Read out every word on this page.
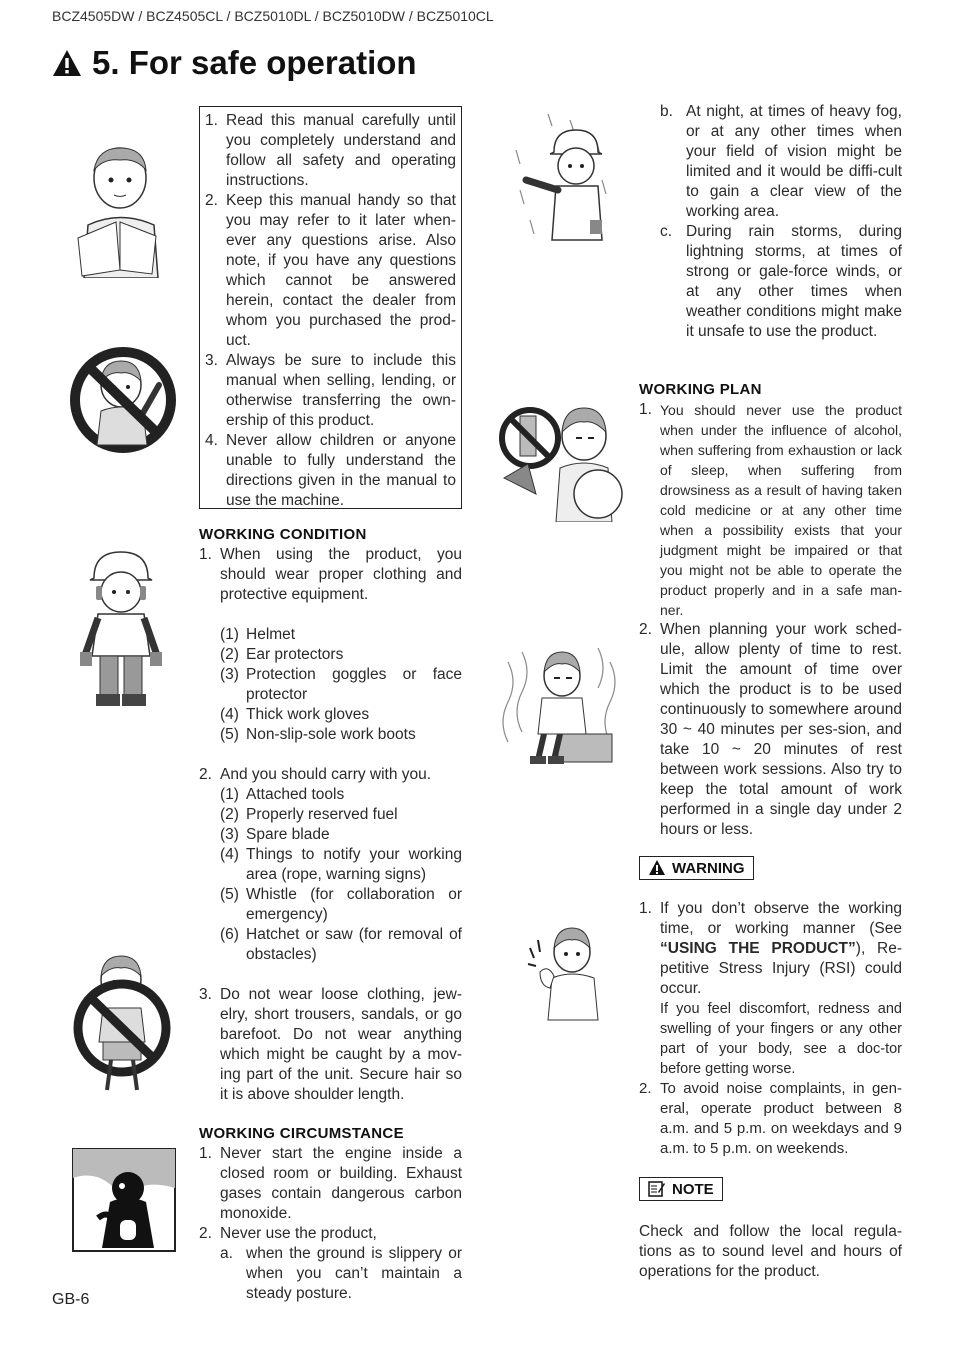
BCZ4505DW / BCZ4505CL / BCZ5010DL / BCZ5010DW / BCZ5010CL
5. For safe operation
1. Read this manual carefully until you completely understand and follow all safety and operating instructions.
2. Keep this manual handy so that you may refer to it later when-ever any questions arise. Also note, if you have any questions which cannot be answered herein, contact the dealer from whom you purchased the prod-uct.
3. Always be sure to include this manual when selling, lending, or otherwise transferring the own-ership of this product.
4. Never allow children or anyone unable to fully understand the directions given in the manual to use the machine.
WORKING CONDITION
1. When using the product, you should wear proper clothing and protective equipment.
(1) Helmet
(2) Ear protectors
(3) Protection goggles or face protector
(4) Thick work gloves
(5) Non-slip-sole work boots
2. And you should carry with you.
(1) Attached tools
(2) Properly reserved fuel
(3) Spare blade
(4) Things to notify your working area (rope, warning signs)
(5) Whistle (for collaboration or emergency)
(6) Hatchet or saw (for removal of obstacles)
3. Do not wear loose clothing, jew-elry, short trousers, sandals, or go barefoot. Do not wear anything which might be caught by a mov-ing part of the unit. Secure hair so it is above shoulder length.
WORKING CIRCUMSTANCE
1. Never start the engine inside a closed room or building. Exhaust gases contain dangerous carbon monoxide.
2. Never use the product,
a. when the ground is slippery or when you can’t maintain a steady posture.
b. At night, at times of heavy fog, or at any other times when your field of vision might be limited and it would be diffi-cult to gain a clear view of the working area.
c. During rain storms, during lightning storms, at times of strong or gale-force winds, or at any other times when weather conditions might make it unsafe to use the product.
WORKING PLAN
1. You should never use the product when under the influence of alcohol, when suffering from exhaustion or lack of sleep, when suffering from drowsiness as a result of having taken cold medicine or at any other time when a possibility exists that your judgment might be impaired or that you might not be able to operate the product properly and in a safe man-ner.
2. When planning your work sched-ule, allow plenty of time to rest. Limit the amount of time over which the product is to be used continuously to somewhere around 30 ~ 40 minutes per ses-sion, and take 10 ~ 20 minutes of rest between work sessions. Also try to keep the total amount of work performed in a single day under 2 hours or less.
WARNING
1. If you don’t observe the working time, or working manner (See “USING THE PRODUCT”), Re-petitive Stress Injury (RSI) could occur.
If you feel discomfort, redness and swelling of your fingers or any other part of your body, see a doc-tor before getting worse.
2. To avoid noise complaints, in gen-eral, operate product between 8 a.m. and 5 p.m. on weekdays and 9 a.m. to 5 p.m. on weekends.
NOTE
Check and follow the local regula-tions as to sound level and hours of operations for the product.
GB-6
